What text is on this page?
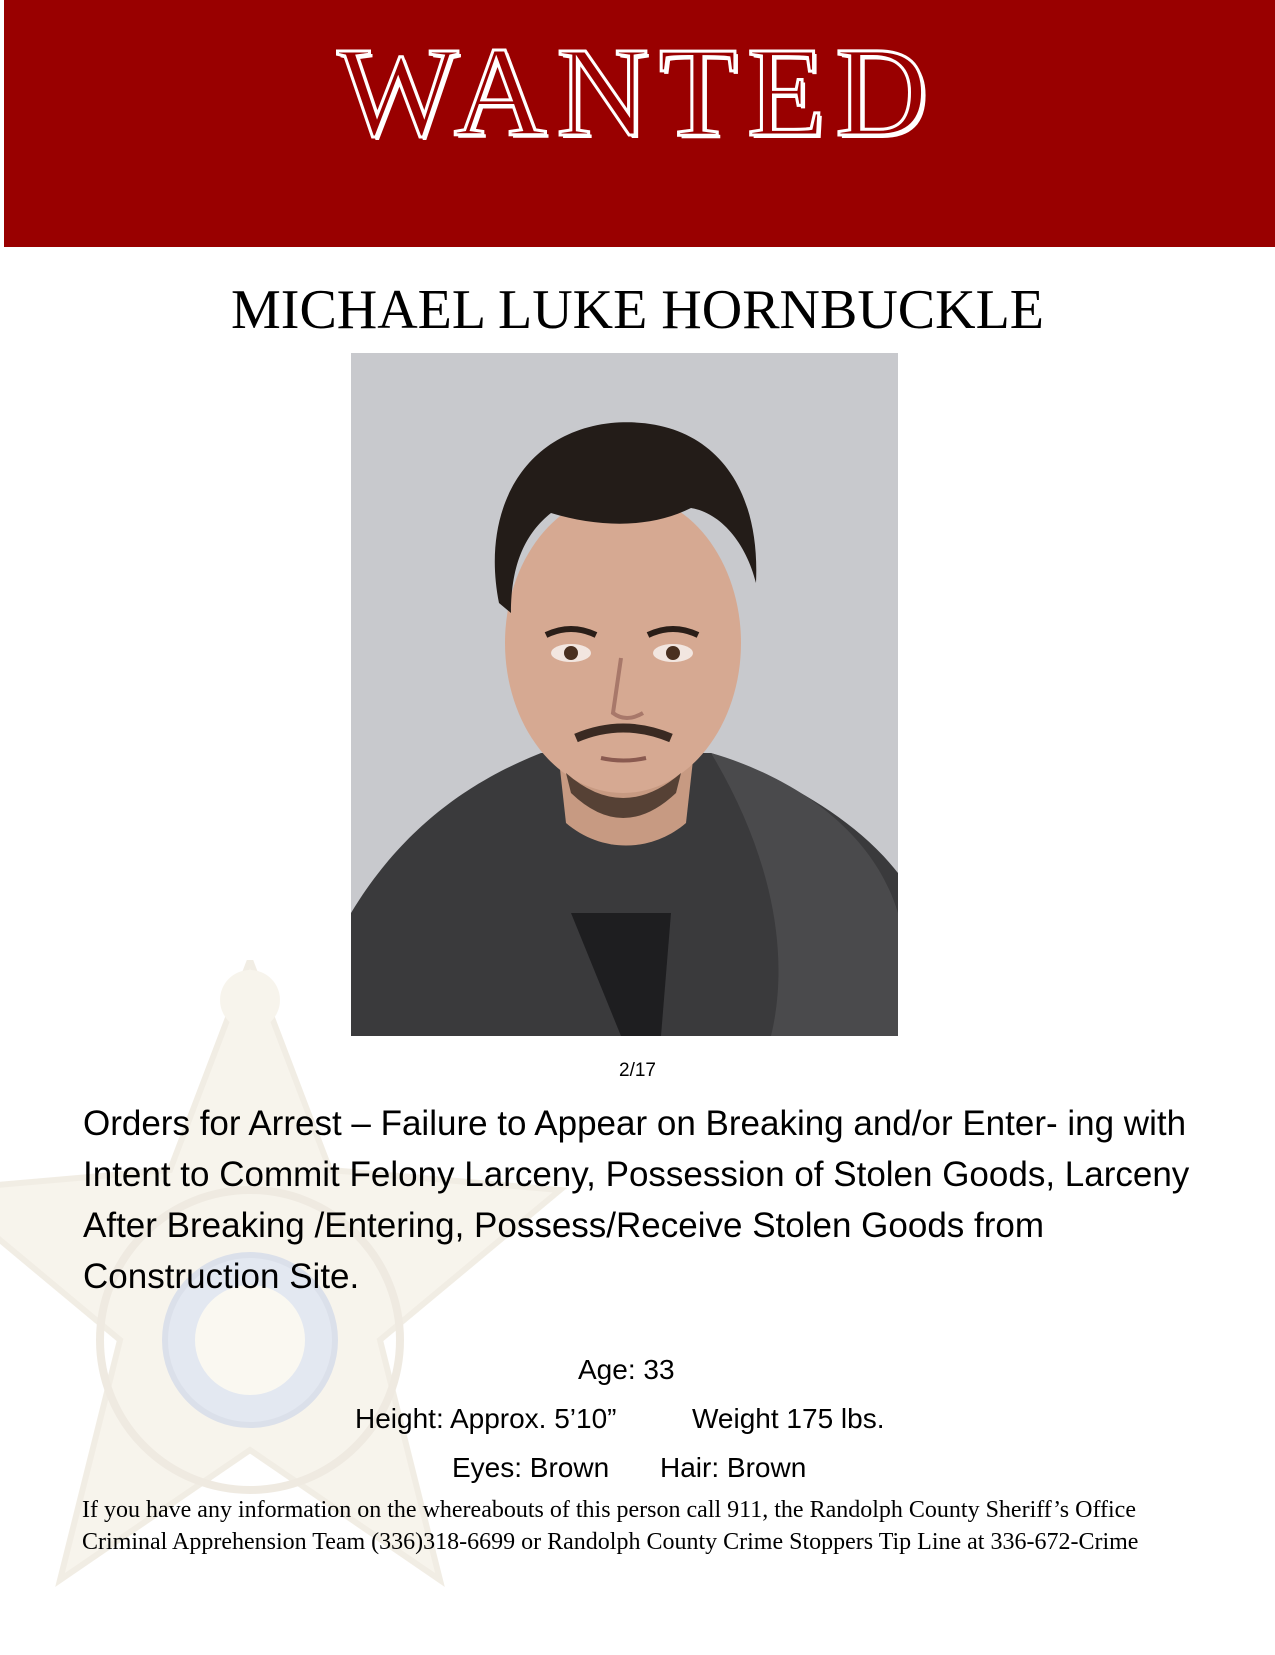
WANTED
MICHAEL LUKE HORNBUCKLE
2/17
Orders for Arrest – Failure to Appear on Breaking and/or Enter- ing with Intent to Commit Felony Larceny, Possession of Stolen Goods, Larceny After Breaking /Entering, Possess/Receive Stolen Goods from Construction Site.
Age: 33
Height: Approx. 5’10”	Weight 175 lbs.
Eyes: Brown Hair: Brown
If you have any information on the whereabouts of this person call 911, the Randolph County Sheriff’s Office
Criminal Apprehension Team (336)318-6699 or Randolph County Crime Stoppers Tip Line at 336-672-Crime
